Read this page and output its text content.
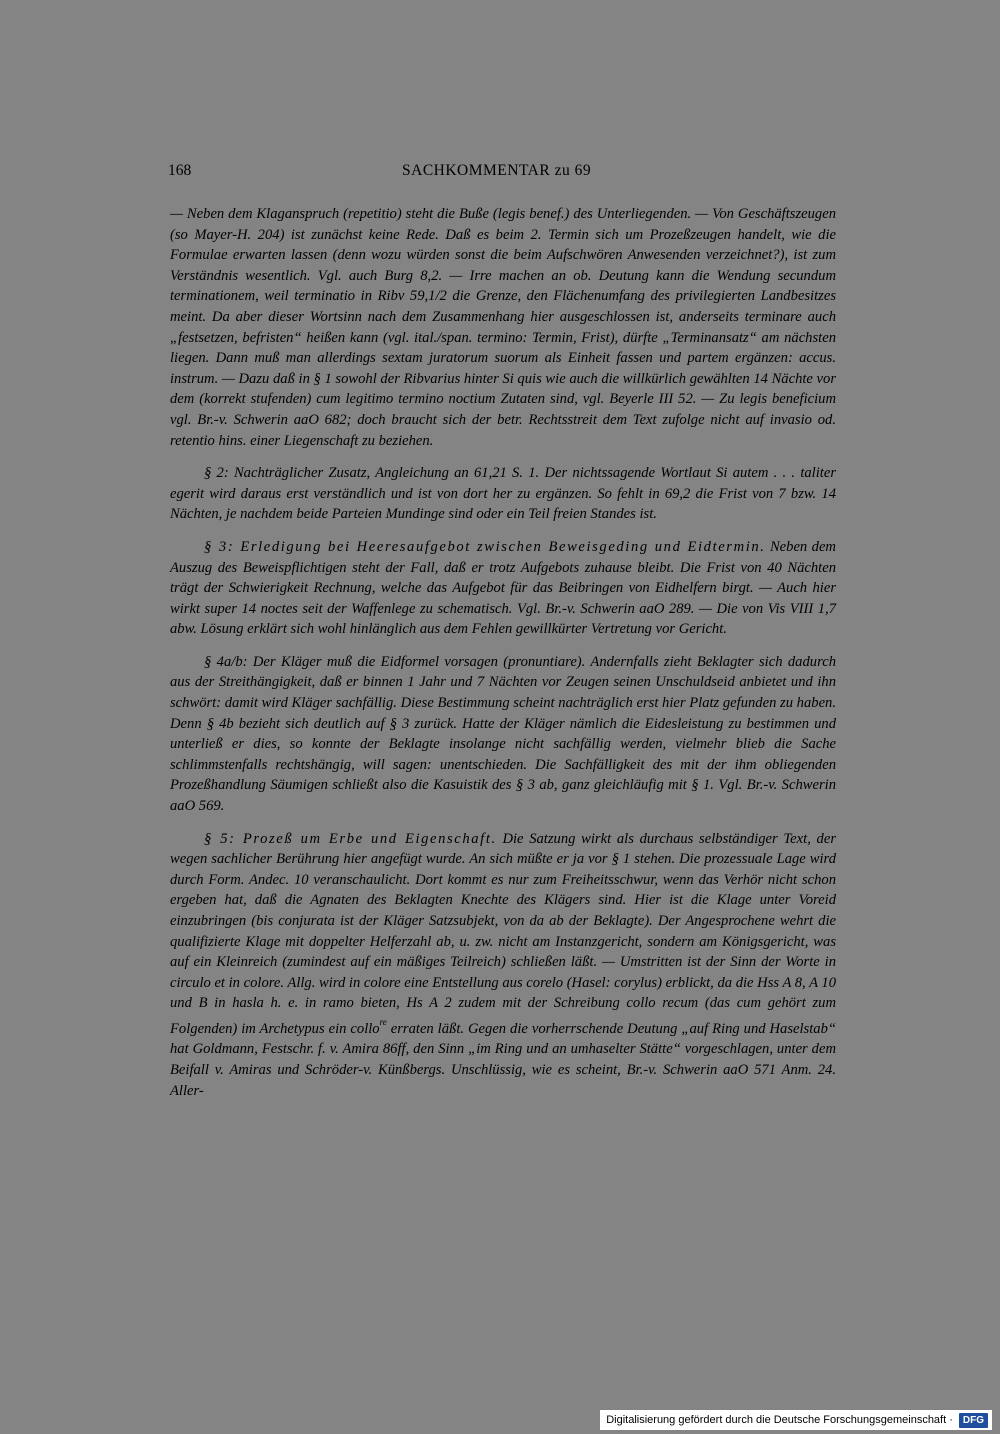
168	SACHKOMMENTAR zu 69

— Neben dem Klaganspruch (repetitio) steht die Buße (legis benef.) des Unterliegenden. — Von Geschäftszeugen (so Mayer-H. 204) ist zunächst keine Rede. Daß es beim 2. Termin sich um Prozeßzeugen handelt, wie die Formulae erwarten lassen (denn wozu würden sonst die beim Aufschwören Anwesenden verzeichnet?), ist zum Verständnis wesentlich. Vgl. auch Burg 8,2. — Irre machen an ob. Deutung kann die Wendung secundum terminationem, weil terminatio in Ribv 59,1/2 die Grenze, den Flächenumfang des privilegierten Landbesitzes meint. Da aber dieser Wortsinn nach dem Zusammenhang hier ausgeschlossen ist, anderseits terminare auch „festsetzen, befristen“ heißen kann (vgl. ital./span. termino: Termin, Frist), dürfte „Terminansatz“ am nächsten liegen. Dann muß man allerdings sextam juratorum suorum als Einheit fassen und partem ergänzen: accus. instrum. — Dazu daß in § 1 sowohl der Ribvarius hinter Si quis wie auch die willkürlich gewählten 14 Nächte vor dem (korrekt stufenden) cum legitimo termino noctium Zutaten sind, vgl. Beyerle III 52. — Zu legis beneficium vgl. Br.-v. Schwerin aaO 682; doch braucht sich der betr. Rechtsstreit dem Text zufolge nicht auf invasio od. retentio hins. einer Liegenschaft zu beziehen.

§ 2: Nachträglicher Zusatz, Angleichung an 61,21 S. 1. Der nichtssagende Wortlaut Si autem . . . taliter egerit wird daraus erst verständlich und ist von dort her zu ergänzen. So fehlt in 69,2 die Frist von 7 bzw. 14 Nächten, je nachdem beide Parteien Mundinge sind oder ein Teil freien Standes ist.

§ 3: Erledigung bei Heeresaufgebot zwischen Beweisgeding und Eidtermin. Neben dem Auszug des Beweispflichtigen steht der Fall, daß er trotz Aufgebots zuhause bleibt. Die Frist von 40 Nächten trägt der Schwierigkeit Rechnung, welche das Aufgebot für das Beibringen von Eidhelfern birgt. — Auch hier wirkt super 14 noctes seit der Waffenlege zu schematisch. Vgl. Br.-v. Schwerin aaO 289. — Die von Vis VIII 1,7 abw. Lösung erklärt sich wohl hinlänglich aus dem Fehlen gewillkürter Vertretung vor Gericht.

§ 4a/b: Der Kläger muß die Eidformel vorsagen (pronuntiare). Andernfalls zieht Beklagter sich dadurch aus der Streithängigkeit, daß er binnen 1 Jahr und 7 Nächten vor Zeugen seinen Unschuldseid anbietet und ihn schwört: damit wird Kläger sachfällig. Diese Bestimmung scheint nachträglich erst hier Platz gefunden zu haben. Denn § 4b bezieht sich deutlich auf § 3 zurück. Hatte der Kläger nämlich die Eidesleistung zu bestimmen und unterließ er dies, so konnte der Beklagte insolange nicht sachfällig werden, vielmehr blieb die Sache schlimmstenfalls rechtshängig, will sagen: unentschieden. Die Sachfälligkeit des mit der ihm obliegenden Prozeßhandlung Säumigen schließt also die Kasuistik des § 3 ab, ganz gleichläufig mit § 1. Vgl. Br.-v. Schwerin aaO 569.

§ 5: Prozeß um Erbe und Eigenschaft. Die Satzung wirkt als durchaus selbständiger Text, der wegen sachlicher Berührung hier angefügt wurde. An sich müßte er ja vor § 1 stehen. Die prozessuale Lage wird durch Form. Andec. 10 veranschaulicht. Dort kommt es nur zum Freiheitsschwur, wenn das Verhör nicht schon ergeben hat, daß die Agnaten des Beklagten Knechte des Klägers sind. Hier ist die Klage unter Voreid einzubringen (bis conjurata ist der Kläger Satzsubjekt, von da ab der Beklagte). Der Angesprochene wehrt die qualifizierte Klage mit doppelter Helferzahl ab, u. zw. nicht am Instanzgericht, sondern am Königsgericht, was auf ein Kleinreich (zumindest auf ein mäßiges Teilreich) schließen läßt. — Umstritten ist der Sinn der Worte in circulo et in colore. Allg. wird in colore eine Entstellung aus corelo (Hasel: corylus) erblickt, da die Hss A 8, A 10 und B in hasla h. e. in ramo bieten, Hs A 2 zudem mit der Schreibung collo recum (das cum gehört zum Folgenden) im Archetypus ein collo$^{re}$ erraten läßt. Gegen die vorherrschende Deutung „auf Ring und Haselstab“ hat Goldmann, Festschr. f. v. Amira 86ff, den Sinn „im Ring und an umhaselter Stätte“ vorgeschlagen, unter dem Beifall v. Amiras und Schröder-v. Künßbergs. Unschlüssig, wie es scheint, Br.-v. Schwerin aaO 571 Anm. 24. Aller-

Digitalisierung gefördert durch die Deutsche Forschungsgemeinschaft ·	DFG
